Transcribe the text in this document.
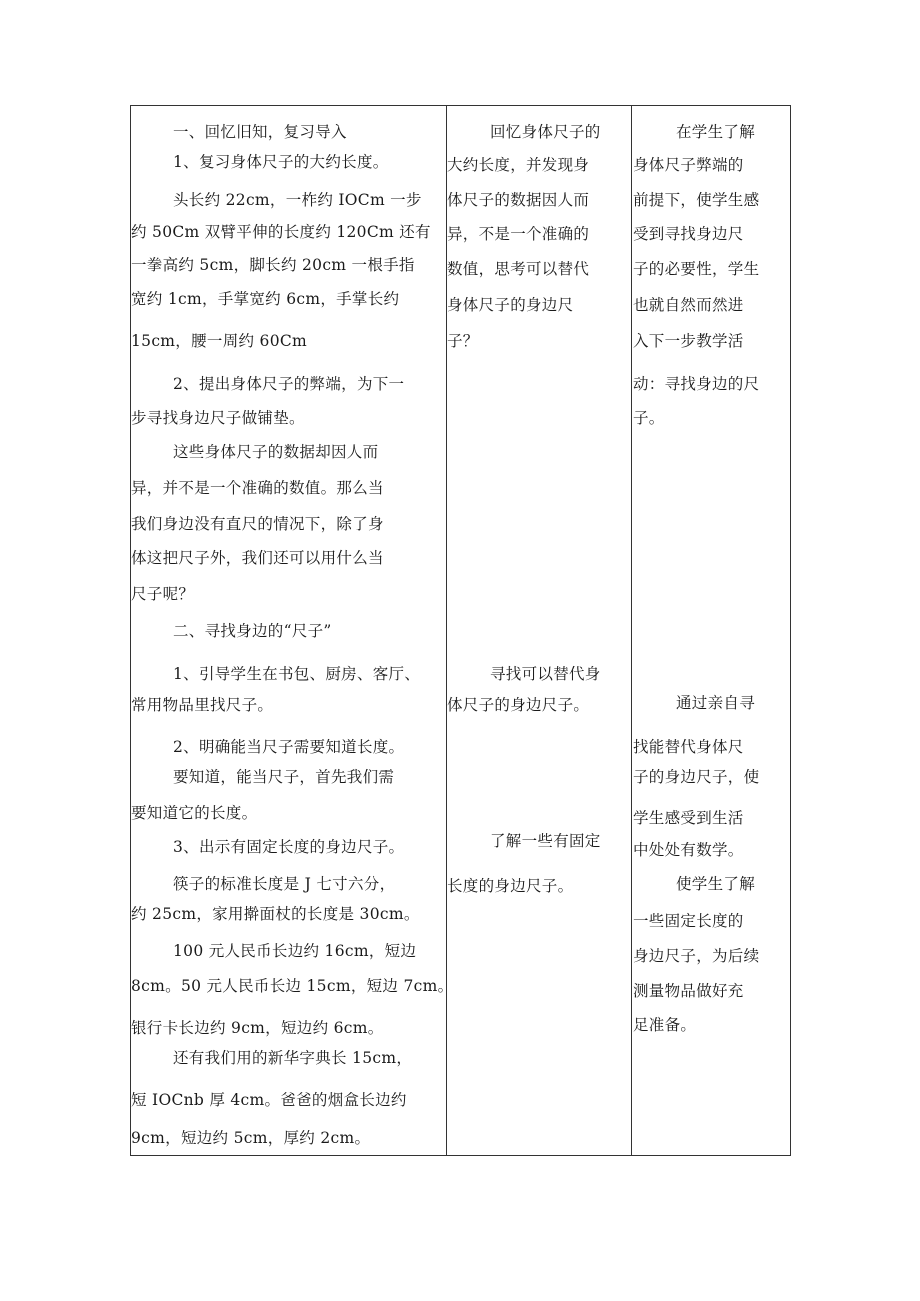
一、回忆旧知，复习导入
1、复习身体尺子的大约长度。
头长约 22cm，一柞约 IOCm 一步
约 50Cm 双臂平伸的长度约 120Cm 还有
一拳高约 5cm，脚长约 20cm 一根手指
宽约 1cm，手掌宽约 6cm，手掌长约
15cm，腰一周约 60Cm
2、提出身体尺子的弊端，为下一
步寻找身边尺子做铺垫。
这些身体尺子的数据却因人而
异，并不是一个准确的数值。那么当
我们身边没有直尺的情况下，除了身
体这把尺子外，我们还可以用什么当
尺子呢？
二、寻找身边的“尺子”
1、引导学生在书包、厨房、客厅、
常用物品里找尺子。
2、明确能当尺子需要知道长度。
要知道，能当尺子，首先我们需
要知道它的长度。
3、出示有固定长度的身边尺子。
筷子的标准长度是 J 七寸六分，
约 25cm，家用擀面杖的长度是 30cm。
100 元人民币长边约 16cm，短边
8cm。50 元人民币长边 15cm，短边 7cm。
银行卡长边约 9cm，短边约 6cm。
还有我们用的新华字典长 15cm，
短 IOCnb 厚 4cm。爸爸的烟盒长边约
9cm，短边约 5cm，厚约 2cm。
回忆身体尺子的
大约长度，并发现身
体尺子的数据因人而
异，不是一个准确的
数值，思考可以替代
身体尺子的身边尺
子？
寻找可以替代身
体尺子的身边尺子。
了解一些有固定
长度的身边尺子。
在学生了解
身体尺子弊端的
前提下，使学生感
受到寻找身边尺
子的必要性，学生
也就自然而然进
入下一步教学活
动：寻找身边的尺
子。
通过亲自寻
找能替代身体尺
子的身边尺子，使
学生感受到生活
中处处有数学。
使学生了解
一些固定长度的
身边尺子，为后续
测量物品做好充
足准备。
